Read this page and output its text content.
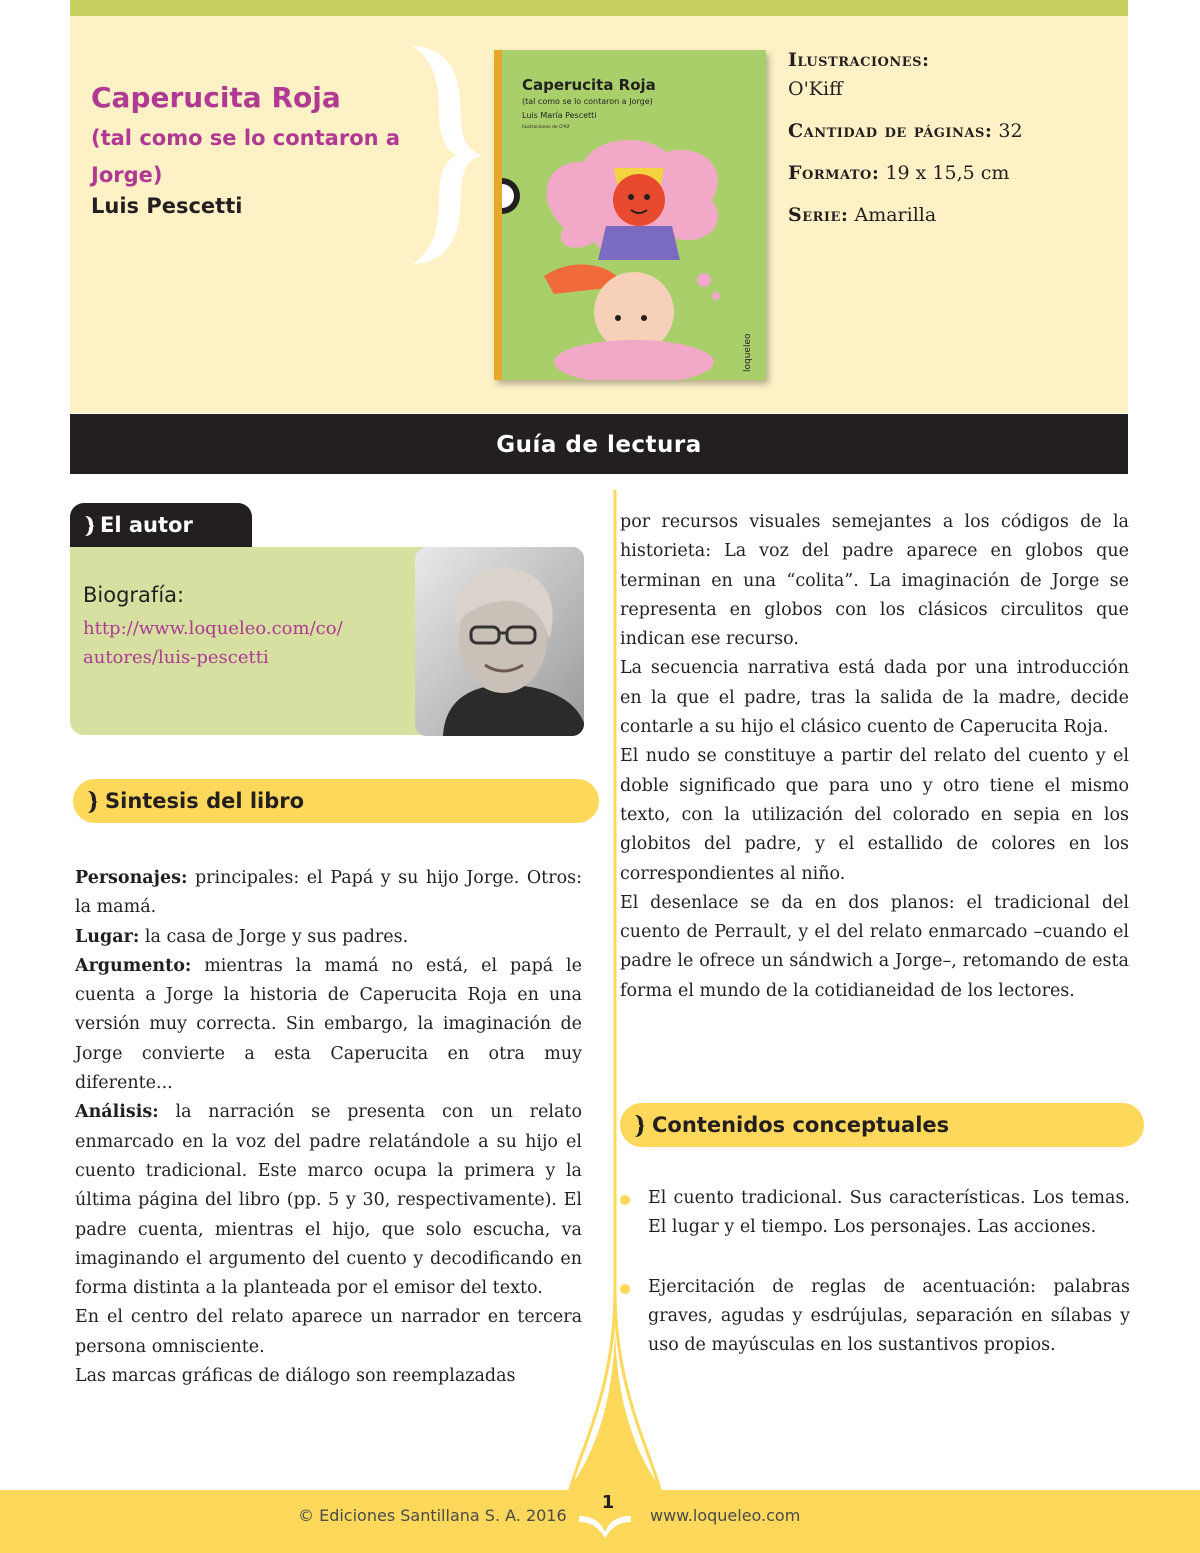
Caperucita Roja
(tal como se lo contaron a Jorge)
Luis Pescetti
Caperucita Roja
(tal como se lo contaron a Jorge)
Luis María Pescetti
Ilustraciones de O'Kif
loqueleo
Ilustraciones:
O'Kiff
Cantidad de páginas: 32
Formato: 19 x 15,5 cm
Serie: Amarilla
Guía de lectura
El autor
Biografía:
http://www.loqueleo.com/co/
autores/luis-pescetti
Sintesis del libro

Personajes: principales: el Papá y su hijo Jorge. Otros: la mamá.

Lugar: la casa de Jorge y sus padres.

Argumento: mientras la mamá no está, el papá le cuenta a Jorge la historia de Caperucita Roja en una versión muy correcta. Sin embargo, la imaginación de Jorge convierte a esta Caperucita en otra muy diferente...

Análisis: la narración se presenta con un relato enmarcado en la voz del padre relatándole a su hijo el cuento tradicional. Este marco ocupa la primera y la última página del libro (pp. 5 y 30, respectivamente). El padre cuenta, mientras el hijo, que solo escucha, va imaginando el argumento del cuento y decodificando en forma distinta a la planteada por el emisor del texto.

En el centro del relato aparece un narrador en tercera persona omnisciente.

Las marcas gráficas de diálogo son reemplazadas

por recursos visuales semejantes a los códigos de la historieta: La voz del padre aparece en globos que terminan en una “colita”. La imaginación de Jorge se representa en globos con los clásicos circulitos que indican ese recurso.

La secuencia narrativa está dada por una introducción en la que el padre, tras la salida de la madre, decide contarle a su hijo el clásico cuento de Caperucita Roja.

El nudo se constituye a partir del relato del cuento y el doble significado que para uno y otro tiene el mismo texto, con la utilización del colorado en sepia en los globitos del padre, y el estallido de colores en los correspondientes al niño.

El desenlace se da en dos planos: el tradicional del cuento de Perrault, y el del relato enmarcado –cuando el padre le ofrece un sándwich a Jorge–, retomando de esta forma el mundo de la cotidianeidad de los lectores.

Contenidos conceptuales
El cuento tradicional. Sus características. Los temas. El lugar y el tiempo. Los personajes. Las acciones.
Ejercitación de reglas de acentuación: palabras graves, agudas y esdrújulas, separación en sílabas y uso de mayúsculas en los sustantivos propios.
© Ediciones Santillana S. A. 2016
1
www.loqueleo.com
